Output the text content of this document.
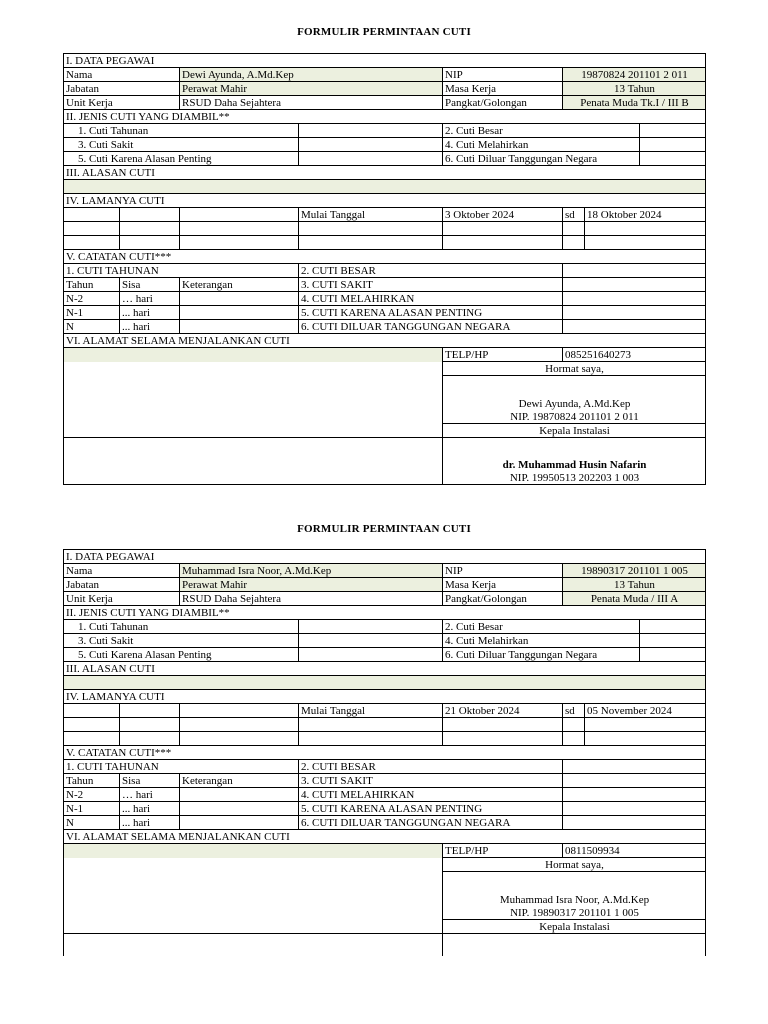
FORMULIR PERMINTAAN CUTI
I. DATA PEGAWAI							
Nama		Dewi Ayunda, A.Md.Kep		NIP	19870824 201101 2 011		
Jabatan		Perawat Mahir		Masa Kerja	13 Tahun		
Unit Kerja		RSUD Daha Sejahtera		Pangkat/Golongan	Penata Muda Tk.I / III B		
II. JENIS CUTI YANG DIAMBIL**							
1. Cuti Tahunan				2. Cuti Besar			
3. Cuti Sakit				4. Cuti Melahirkan			
5. Cuti Karena Alasan Penting				6. Cuti Diluar Tanggungan Negara			
III. ALASAN CUTI							

IV. LAMANYA CUTI							
			Mulai Tanggal	3 Oktober 2024	sd	18 Oktober 2024	

V. CATATAN CUTI***							
1. CUTI TAHUNAN			2. CUTI BESAR				
Tahun	Sisa	Keterangan	3. CUTI SAKIT				
N-2	… hari		4. CUTI MELAHIRKAN				
N-1	... hari		5. CUTI KARENA ALASAN PENTING				
N	... hari		6. CUTI DILUAR TANGGUNGAN NEGARA				
VI. ALAMAT SELAMA MENJALANKAN CUTI							
				TELP/HP	085251640273		
				Hormat saya,			

				Dewi Ayunda, A.Md.Kep			
				NIP. 19870824 201101 2 011			
				Kepala Instalasi			

				dr. Muhammad Husin Nafarin			
				NIP. 19950513 202203 1 003			
FORMULIR PERMINTAAN CUTI
I. DATA PEGAWAI							
Nama		Muhammad Isra Noor, A.Md.Kep		NIP	19890317 201101 1 005		
Jabatan		Perawat Mahir		Masa Kerja	13 Tahun		
Unit Kerja		RSUD Daha Sejahtera		Pangkat/Golongan	Penata Muda / III A		
II. JENIS CUTI YANG DIAMBIL**							
1. Cuti Tahunan				2. Cuti Besar			
3. Cuti Sakit				4. Cuti Melahirkan			
5. Cuti Karena Alasan Penting				6. Cuti Diluar Tanggungan Negara			
III. ALASAN CUTI							

IV. LAMANYA CUTI							
			Mulai Tanggal	21 Oktober 2024	sd	05 November 2024	

V. CATATAN CUTI***							
1. CUTI TAHUNAN			2. CUTI BESAR				
Tahun	Sisa	Keterangan	3. CUTI SAKIT				
N-2	… hari		4. CUTI MELAHIRKAN				
N-1	... hari		5. CUTI KARENA ALASAN PENTING				
N	... hari		6. CUTI DILUAR TANGGUNGAN NEGARA				
VI. ALAMAT SELAMA MENJALANKAN CUTI							
				TELP/HP	0811509934		
				Hormat saya,			

				Muhammad Isra Noor, A.Md.Kep			
				NIP. 19890317 201101 1 005			
				Kepala Instalasi			
